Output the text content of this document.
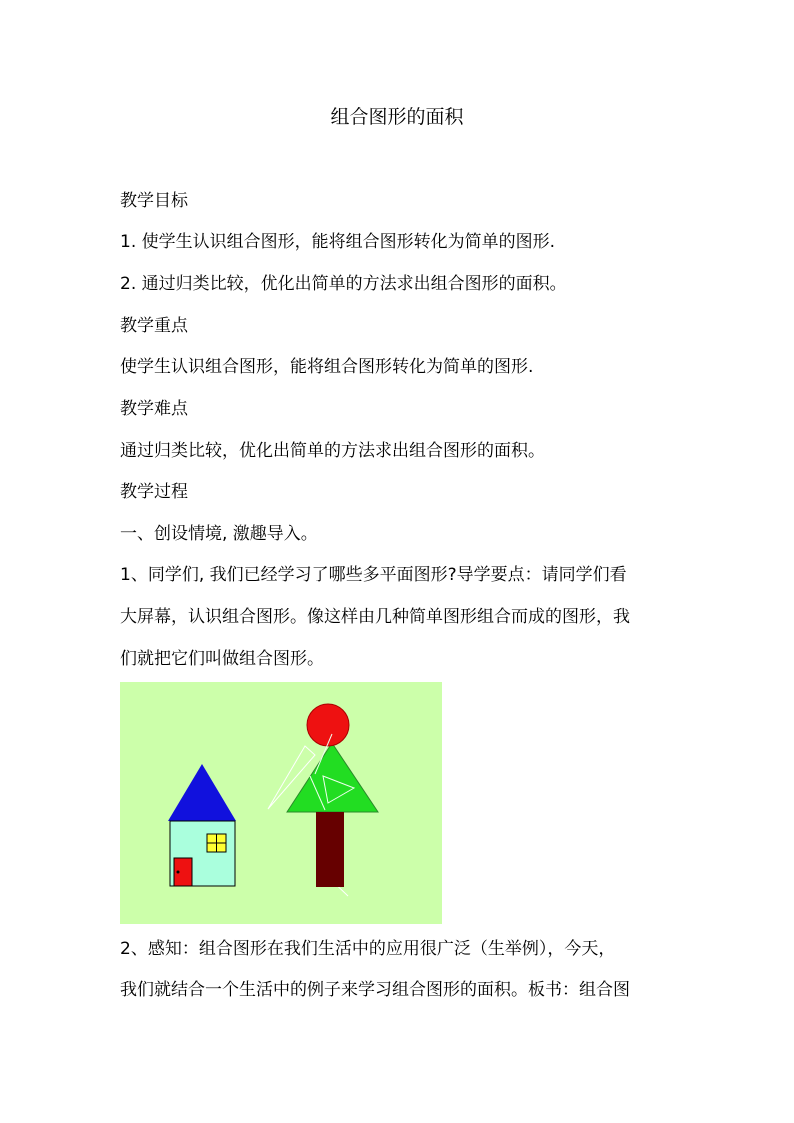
组合图形的面积
教学目标
1. 使学生认识组合图形，能将组合图形转化为简单的图形.
2. 通过归类比较，优化出简单的方法求出组合图形的面积。
教学重点
使学生认识组合图形，能将组合图形转化为简单的图形.
教学难点
通过归类比较，优化出简单的方法求出组合图形的面积。
教学过程
一、创设情境, 激趣导入。
1、同学们, 我们已经学习了哪些多平面图形?导学要点：请同学们看
大屏幕，认识组合图形。像这样由几种简单图形组合而成的图形，我
们就把它们叫做组合图形。
2、感知：组合图形在我们生活中的应用很广泛（生举例），今天，
我们就结合一个生活中的例子来学习组合图形的面积。板书：组合图
